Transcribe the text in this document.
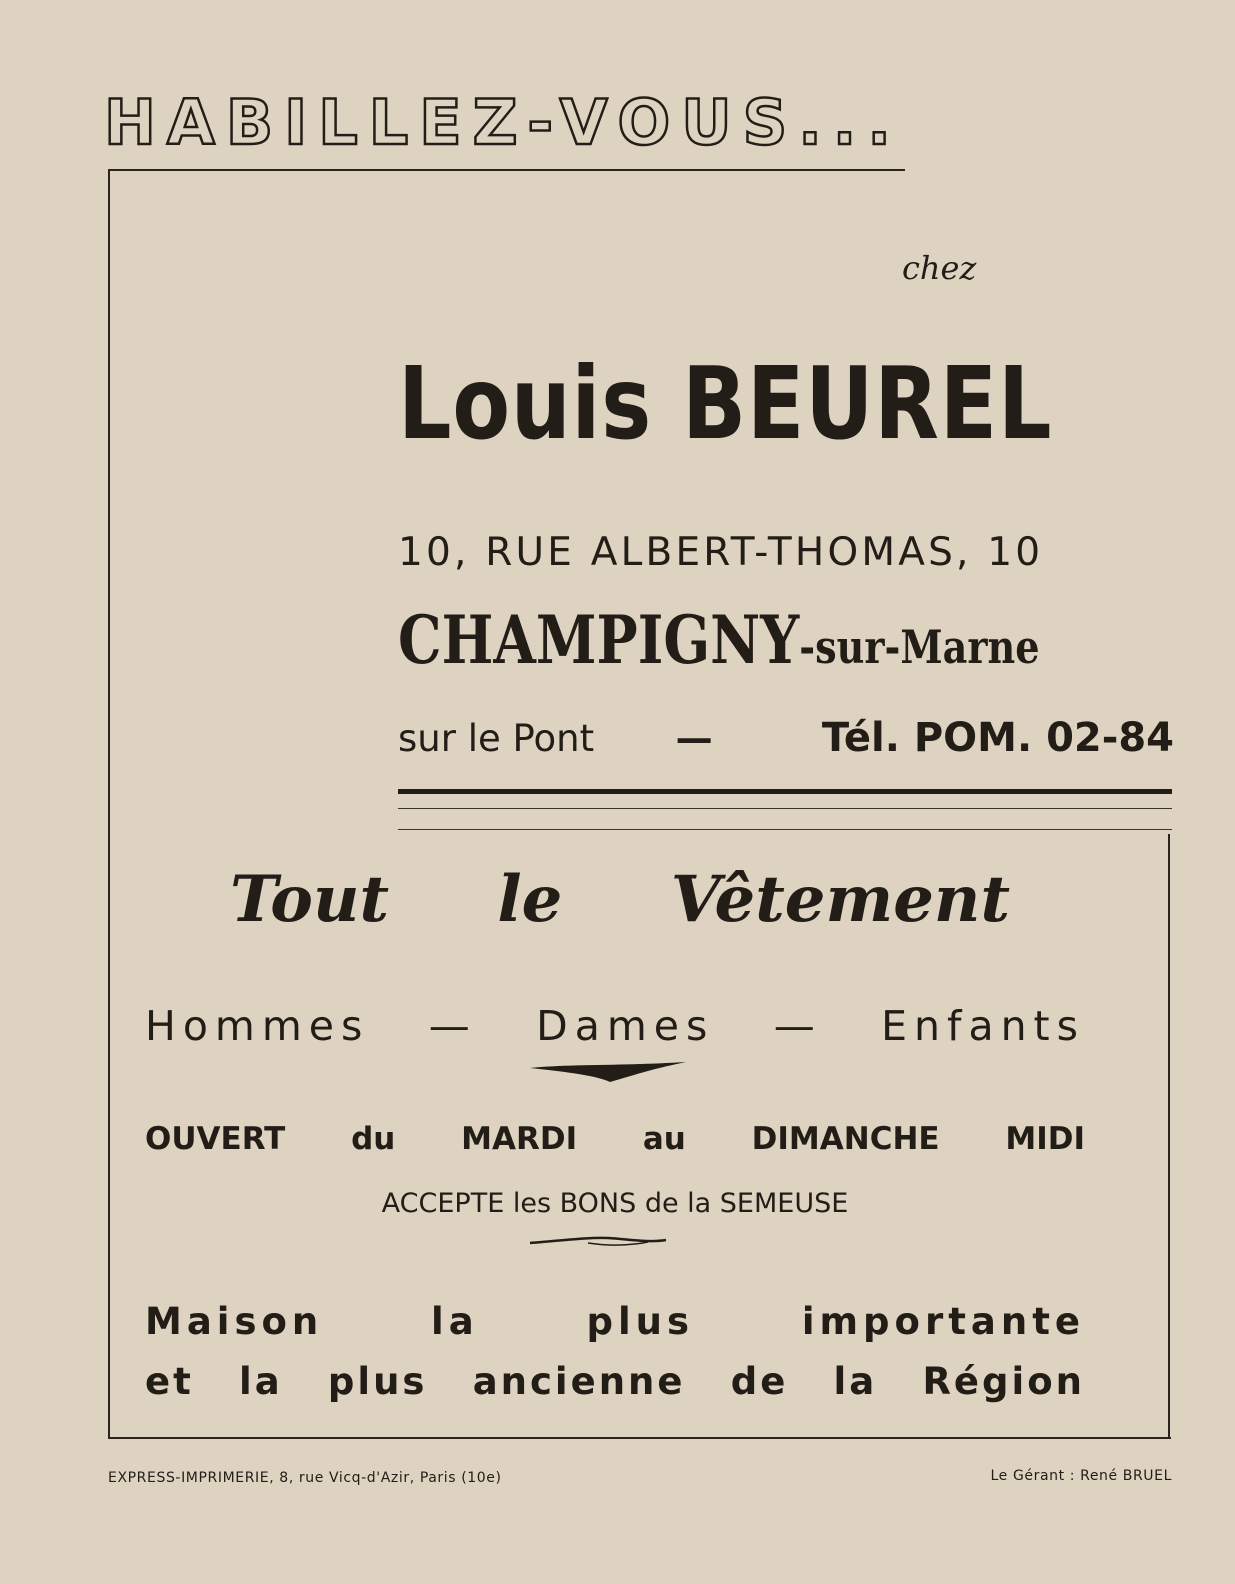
HABILLEZ-VOUS...
chez
Louis BEUREL
10, RUE ALBERT-THOMAS, 10
CHAMPIGNY-sur-Marne
sur le Pont —	Tél. POM. 02-84
Tout le Vêtement
Hommes — Dames — Enfants
OUVERT du MARDI au DIMANCHE MIDI
ACCEPTE les BONS de la SEMEUSE
Maison	la	plus	importante
et la plus ancienne de la Région
EXPRESS-IMPRIMERIE, 8, rue Vicq-d'Azir, Paris (10e)	Le Gérant : René BRUEL
